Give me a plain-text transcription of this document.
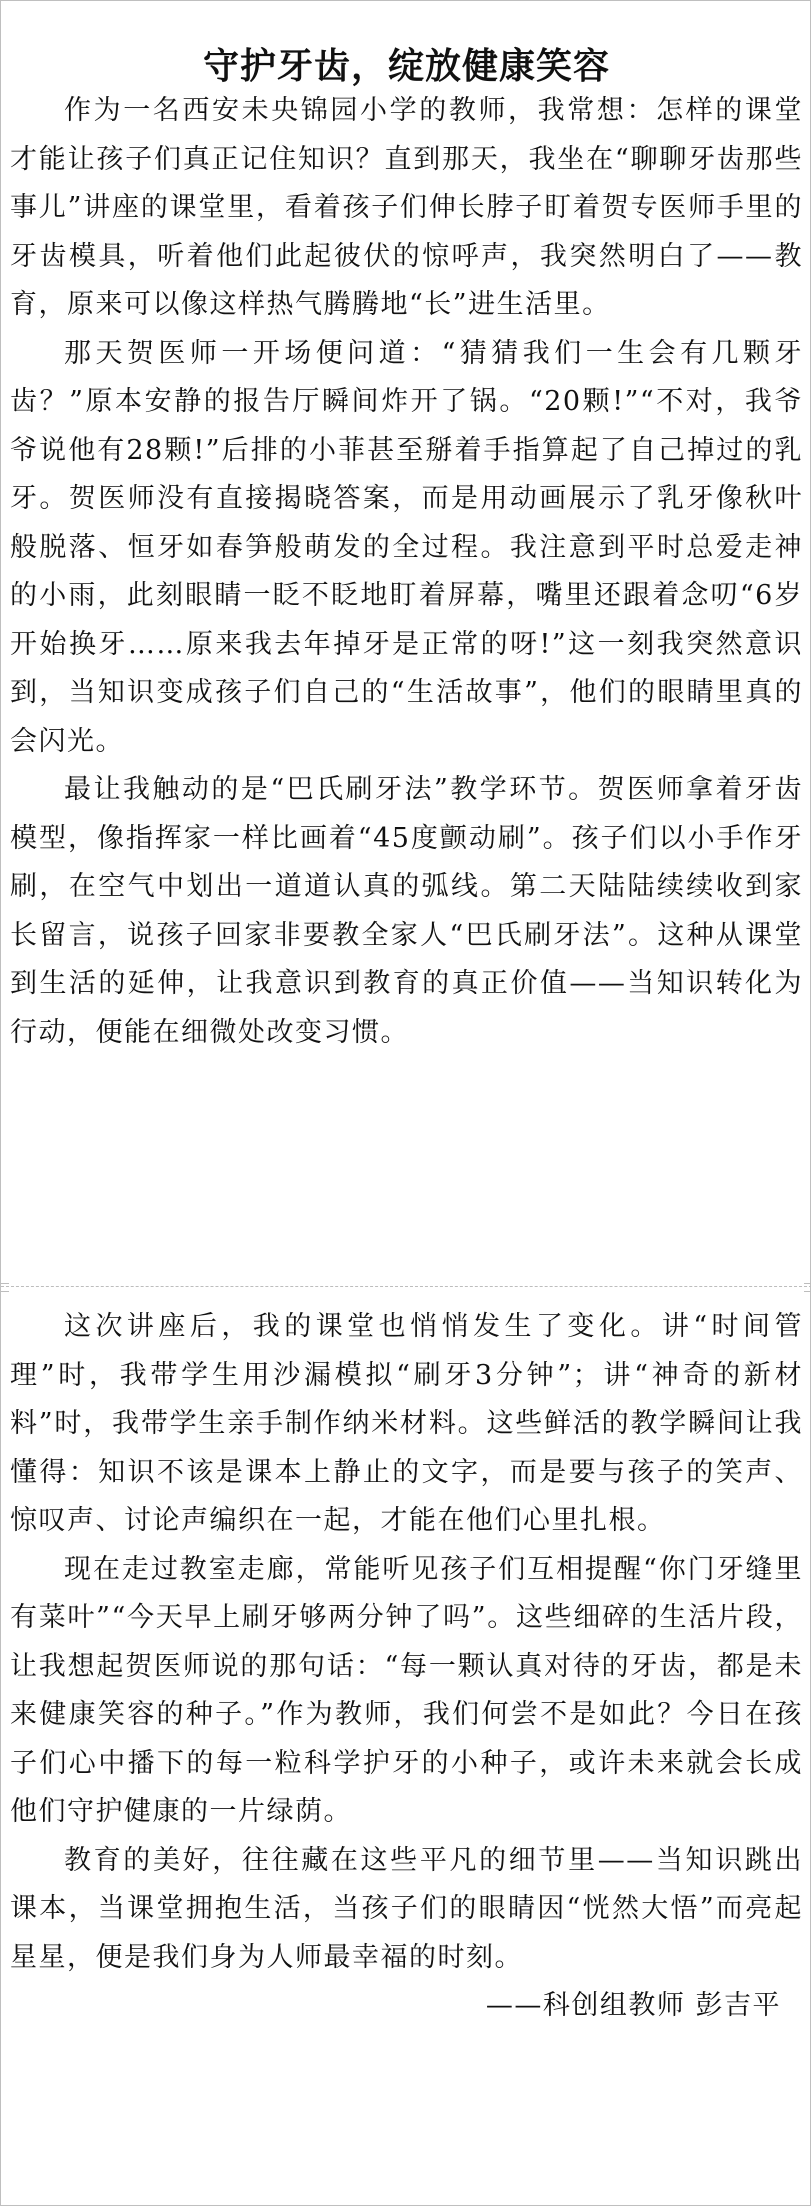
守护牙齿，绽放健康笑容

作为一名西安未央锦园小学的教师，我常想：怎样的课堂才能让孩子们真正记住知识？直到那天，我坐在“聊聊牙齿那些事儿”讲座的课堂里，看着孩子们伸长脖子盯着贺专医师手里的牙齿模具，听着他们此起彼伏的惊呼声，我突然明白了——教育，原来可以像这样热气腾腾地“长”进生活里。

那天贺医师一开场便问道：“猜猜我们一生会有几颗牙齿？”原本安静的报告厅瞬间炸开了锅。“20颗!”“不对，我爷爷说他有28颗!”后排的小菲甚至掰着手指算起了自己掉过的乳牙。贺医师没有直接揭晓答案，而是用动画展示了乳牙像秋叶般脱落、恒牙如春笋般萌发的全过程。我注意到平时总爱走神的小雨，此刻眼睛一眨不眨地盯着屏幕，嘴里还跟着念叨“6岁开始换牙……原来我去年掉牙是正常的呀!”这一刻我突然意识到，当知识变成孩子们自己的“生活故事”，他们的眼睛里真的会闪光。

最让我触动的是“巴氏刷牙法”教学环节。贺医师拿着牙齿模型，像指挥家一样比画着“45度颤动刷”。孩子们以小手作牙刷，在空气中划出一道道认真的弧线。第二天陆陆续续收到家长留言，说孩子回家非要教全家人“巴氏刷牙法”。这种从课堂到生活的延伸，让我意识到教育的真正价值——当知识转化为行动，便能在细微处改变习惯。

这次讲座后，我的课堂也悄悄发生了变化。讲“时间管理”时，我带学生用沙漏模拟“刷牙3分钟”；讲“神奇的新材料”时，我带学生亲手制作纳米材料。这些鲜活的教学瞬间让我懂得：知识不该是课本上静止的文字，而是要与孩子的笑声、惊叹声、讨论声编织在一起，才能在他们心里扎根。

现在走过教室走廊，常能听见孩子们互相提醒“你门牙缝里有菜叶”“今天早上刷牙够两分钟了吗”。这些细碎的生活片段，让我想起贺医师说的那句话：“每一颗认真对待的牙齿，都是未来健康笑容的种子。”作为教师，我们何尝不是如此？今日在孩子们心中播下的每一粒科学护牙的小种子，或许未来就会长成他们守护健康的一片绿荫。

教育的美好，往往藏在这些平凡的细节里——当知识跳出课本，当课堂拥抱生活，当孩子们的眼睛因“恍然大悟”而亮起星星，便是我们身为人师最幸福的时刻。

——科创组教师 彭吉平
